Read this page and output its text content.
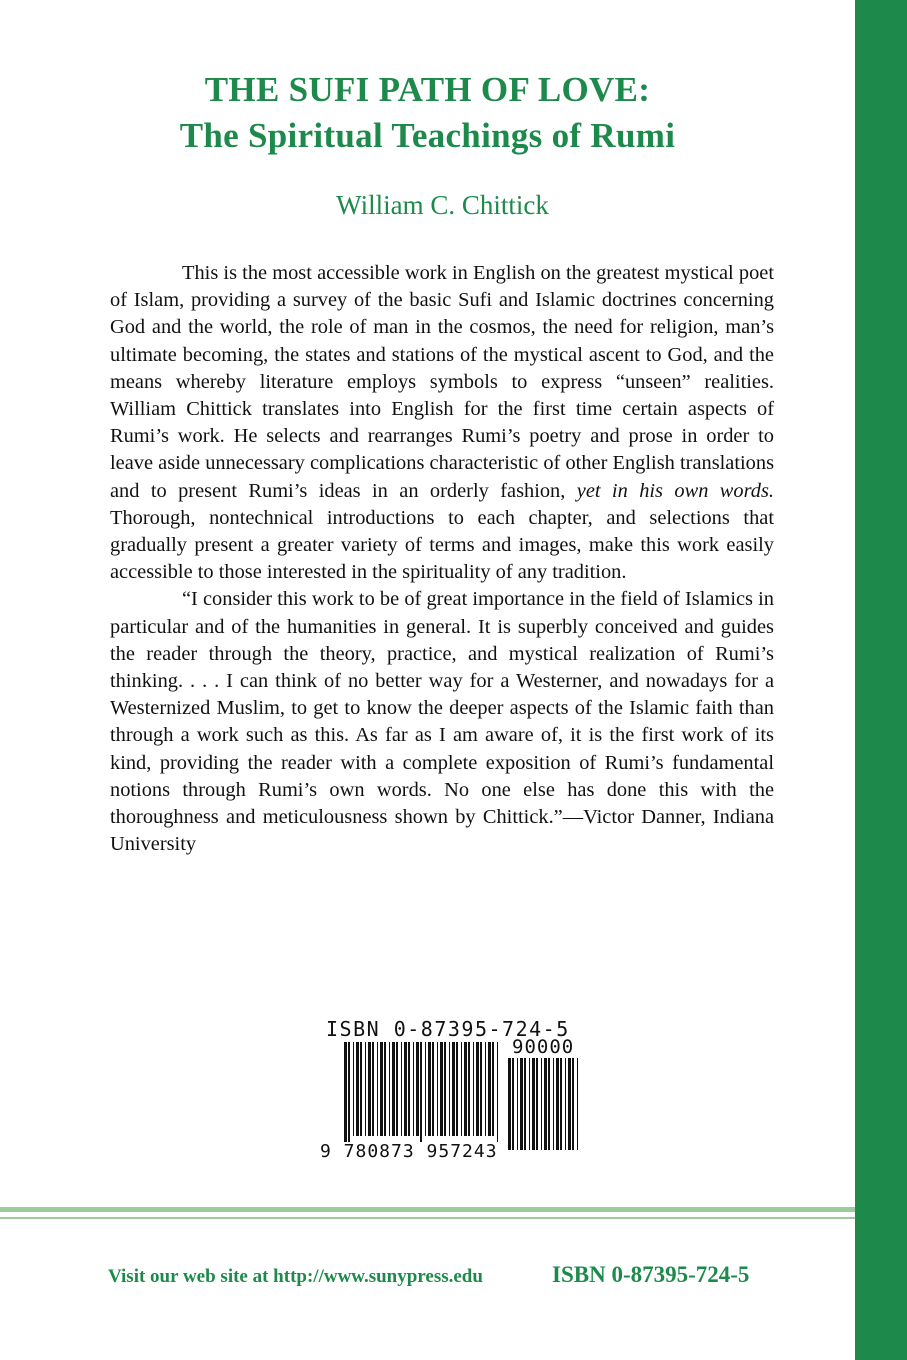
THE SUFI PATH OF LOVE:
The Spiritual Teachings of Rumi
William C. Chittick

This is the most accessible work in English on the greatest mystical poet of Islam, providing a survey of the basic Sufi and Islamic doctrines concerning God and the world, the role of man in the cosmos, the need for religion, man’s ultimate becoming, the states and stations of the mystical ascent to God, and the means whereby literature employs symbols to express “unseen” realities. William Chittick translates into English for the first time certain aspects of Rumi’s work. He selects and rearranges Rumi’s poetry and prose in order to leave aside unnecessary complications characteristic of other English translations and to present Rumi’s ideas in an orderly fashion, yet in his own words. Thorough, nontechnical introductions to each chapter, and selections that gradually present a greater variety of terms and images, make this work easily accessible to those interested in the spirituality of any tradition.

“I consider this work to be of great importance in the field of Islamics in particular and of the humanities in general. It is superbly conceived and guides the reader through the theory, practice, and mystical realization of Rumi’s thinking. . . . I can think of no better way for a Westerner, and nowadays for a Westernized Muslim, to get to know the deeper aspects of the Islamic faith than through a work such as this. As far as I am aware of, it is the first work of its kind, providing the reader with a complete exposition of Rumi’s fundamental notions through Rumi’s own words. No one else has done this with the thoroughness and meticulousness shown by Chittick.”—Victor Danner, Indiana University

ISBN 0-87395-724-5
90000
9 780873 957243
Visit our web site at http://www.sunypress.edu	ISBN 0-87395-724-5
